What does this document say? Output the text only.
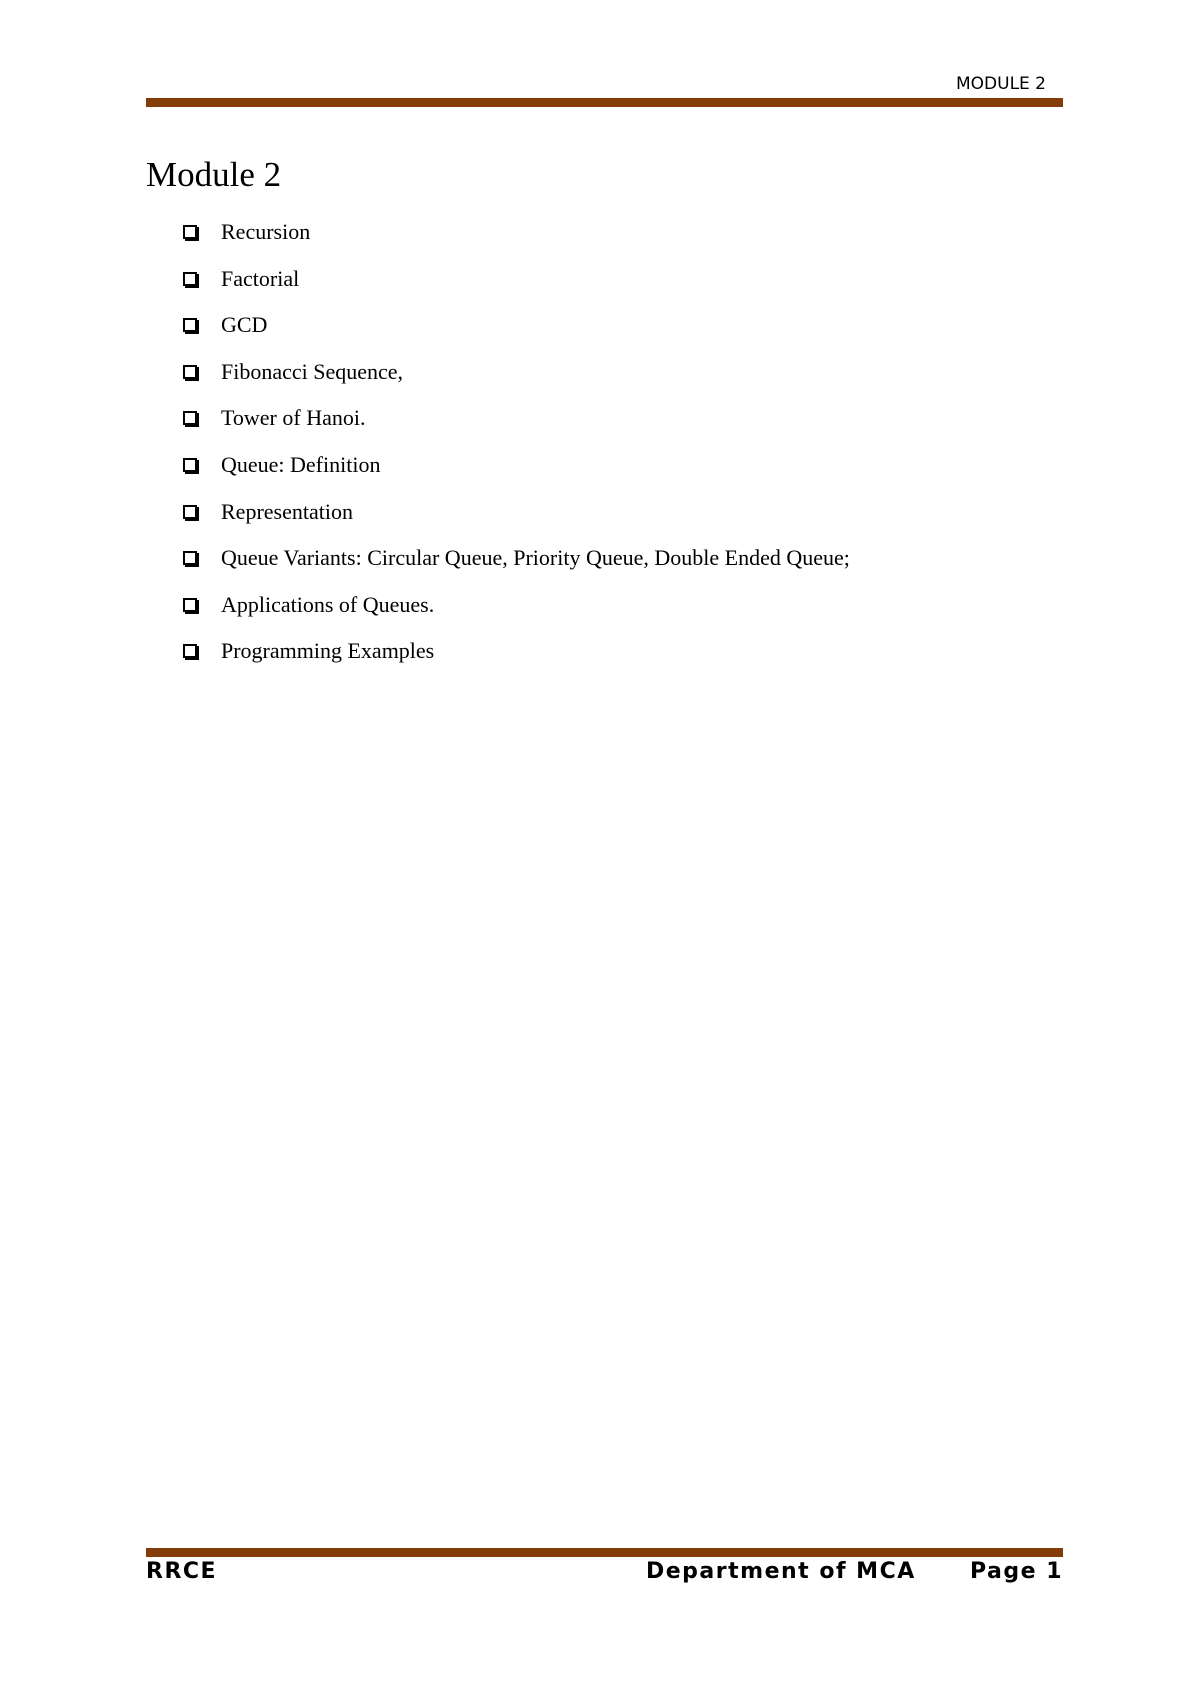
MODULE 2
Module 2
Recursion
Factorial
GCD
Fibonacci Sequence,
Tower of Hanoi.
Queue: Definition
Representation
Queue Variants: Circular Queue, Priority Queue, Double Ended Queue;
Applications of Queues.
Programming Examples
RRCE	Department of MCA Page 1
